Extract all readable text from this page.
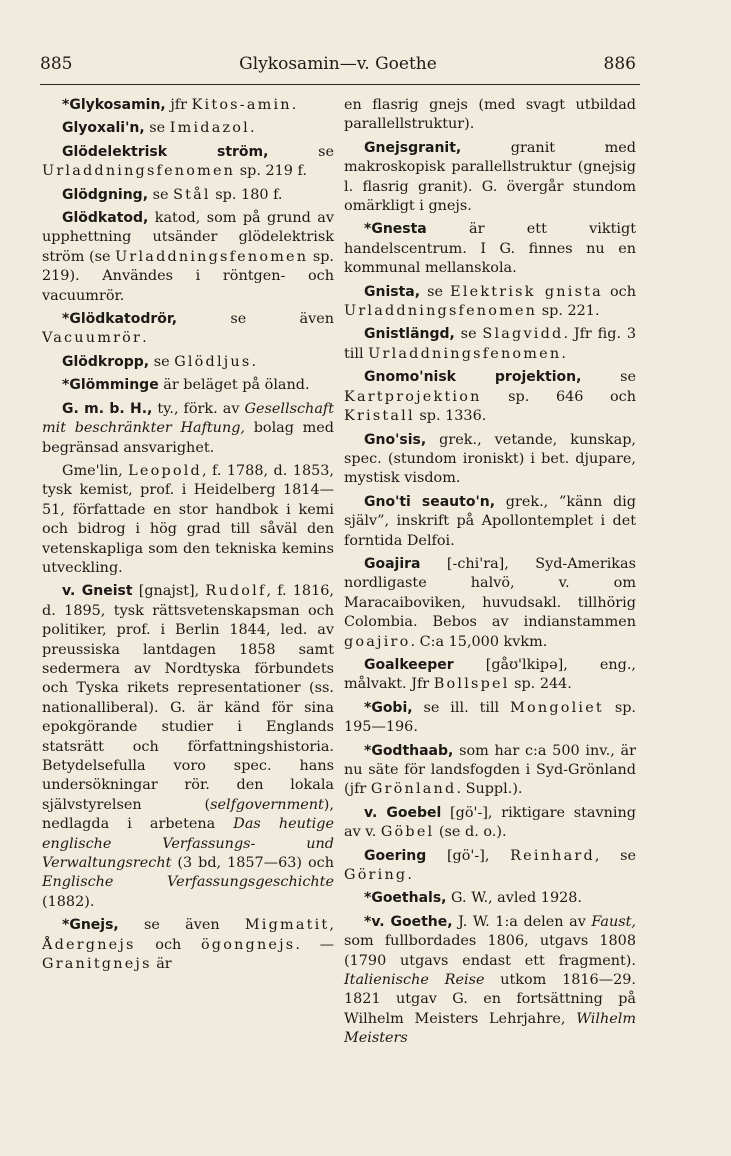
885	Glykosamin—v. Goethe	886

*Glykosamin, jfr Kitos-amin.

Glyoxali'n, se Imidazol.

Glödelektrisk ström, se Urladdningsfenomen sp. 219 f.

Glödgning, se Stål sp. 180 f.

Glödkatod, katod, som på grund av upphettning utsänder glödelektrisk ström (se Urladdningsfenomen sp. 219). Användes i röntgen- och vacuumrör.

*Glödkatodrör, se även Vacuumrör.

Glödkropp, se Glödljus.

*Glömminge är beläget på öland.

G. m. b. H., ty., förk. av Gesellschaft mit beschränkter Haftung, bolag med begränsad ansvarighet.

Gme'lin, Leopold, f. 1788, d. 1853, tysk kemist, prof. i Heidelberg 1814—51, författade en stor handbok i kemi och bidrog i hög grad till såväl den vetenskapliga som den tekniska kemins utveckling.

v. Gneist [gnajst], Rudolf, f. 1816, d. 1895, tysk rättsvetenskapsman och politiker, prof. i Berlin 1844, led. av preussiska lantdagen 1858 samt sedermera av Nordtyska förbundets och Tyska rikets representationer (ss. nationalliberal). G. är känd för sina epokgörande studier i Englands statsrätt och författningshistoria. Betydelsefulla voro spec. hans undersökningar rör. den lokala självstyrelsen (selfgovernment), nedlagda i arbetena Das heutige englische Verfassungs- und Verwaltungsrecht (3 bd, 1857—63) och Englische Verfassungsgeschichte (1882).

*Gnejs, se även Migmatit, Ådergnejs och ögongnejs. — Granitgnejs är

en flasrig gnejs (med svagt utbildad parallellstruktur).

Gnejsgranit, granit med makroskopisk parallellstruktur (gnejsig l. flasrig granit). G. övergår stundom omärkligt i gnejs.

*Gnesta är ett viktigt handelscentrum. I G. finnes nu en kommunal mellanskola.

Gnista, se Elektrisk gnista och Urladdningsfenomen sp. 221.

Gnistlängd, se Slagvidd. Jfr fig. 3 till Urladdningsfenomen.

Gnomo'nisk projektion, se Kartprojektion sp. 646 och Kristall sp. 1336.

Gno'sis, grek., vetande, kunskap, spec. (stundom ironiskt) i bet. djupare, mystisk visdom.

Gno'ti seauto'n, grek., ”känn dig själv”, inskrift på Apollontemplet i det forntida Delfoi.

Goajira [-chi'ra], Syd-Amerikas nordligaste halvö, v. om Maracaiboviken, huvudsakl. tillhörig Colombia. Bebos av indianstammen goajiro. C:a 15,000 kvkm.

Goalkeeper [gåʊ'lkipə], eng., målvakt. Jfr Bollspel sp. 244.

*Gobi, se ill. till Mongoliet sp. 195—196.

*Godthaab, som har c:a 500 inv., är nu säte för landsfogden i Syd-Grönland (jfr Grönland. Suppl.).

v. Goebel [gö'-], riktigare stavning av v. Göbel (se d. o.).

Goering [gö'-], Reinhard, se Göring.

*Goethals, G. W., avled 1928.

*v. Goethe, J. W. 1:a delen av Faust, som fullbordades 1806, utgavs 1808 (1790 utgavs endast ett fragment). Italienische Reise utkom 1816—29. 1821 utgav G. en fortsättning på Wilhelm Meisters Lehrjahre, Wilhelm Meisters
